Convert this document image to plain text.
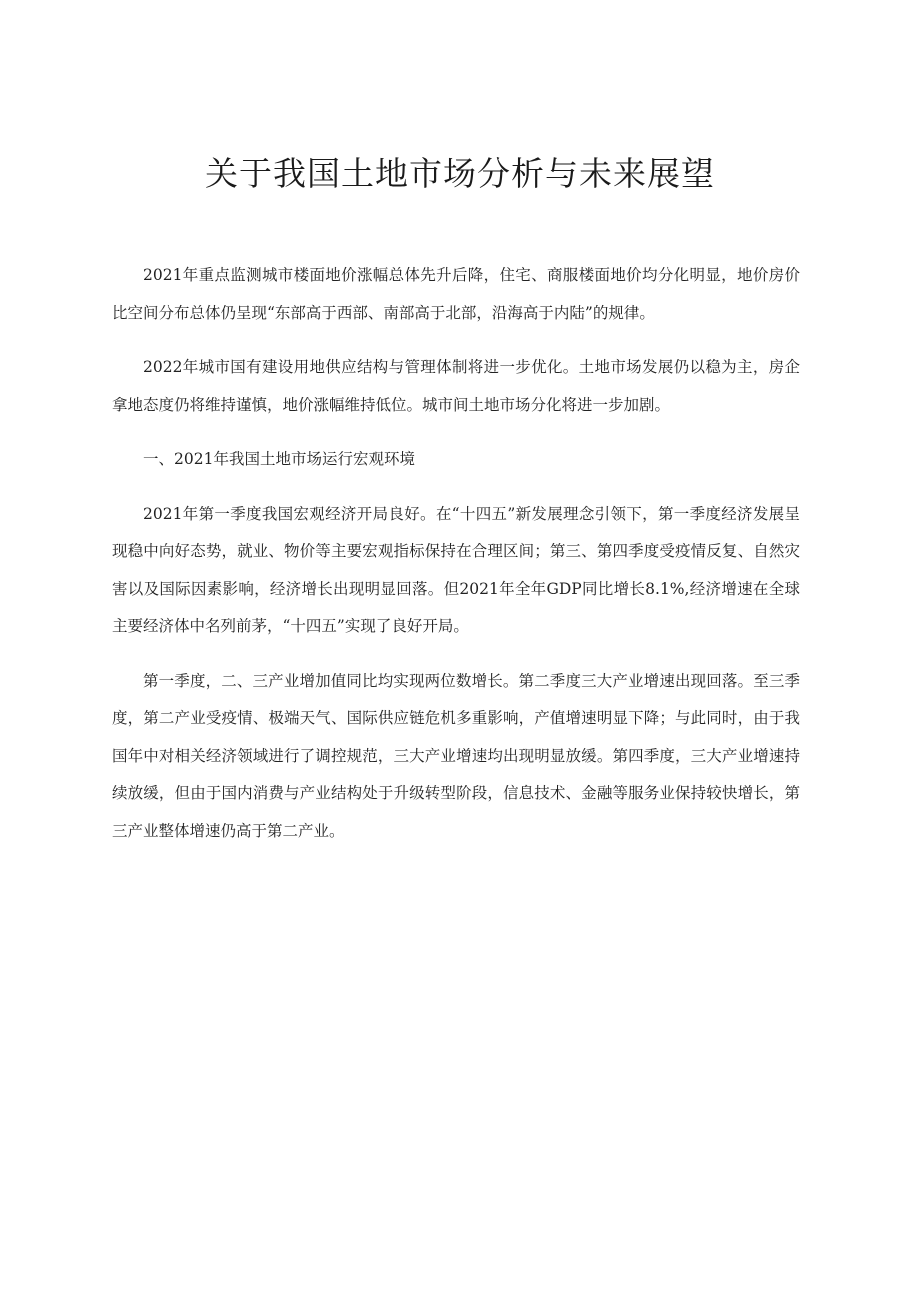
关于我国土地市场分析与未来展望

2021年重点监测城市楼面地价涨幅总体先升后降，住宅、商服楼面地价均分化明显，地价房价比空间分布总体仍呈现“东部高于西部、南部高于北部，沿海高于内陆”的规律。

2022年城市国有建设用地供应结构与管理体制将进一步优化。土地市场发展仍以稳为主，房企拿地态度仍将维持谨慎，地价涨幅维持低位。城市间土地市场分化将进一步加剧。

一、2021年我国土地市场运行宏观环境

2021年第一季度我国宏观经济开局良好。在“十四五”新发展理念引领下，第一季度经济发展呈现稳中向好态势，就业、物价等主要宏观指标保持在合理区间；第三、第四季度受疫情反复、自然灾害以及国际因素影响，经济增长出现明显回落。但2021年全年GDP同比增长8.1%,经济增速在全球主要经济体中名列前茅，“十四五”实现了良好开局。

第一季度，二、三产业增加值同比均实现两位数增长。第二季度三大产业增速出现回落。至三季度，第二产业受疫情、极端天气、国际供应链危机多重影响，产值增速明显下降；与此同时，由于我国年中对相关经济领域进行了调控规范，三大产业增速均出现明显放缓。第四季度，三大产业增速持续放缓，但由于国内消费与产业结构处于升级转型阶段，信息技术、金融等服务业保持较快增长，第三产业整体增速仍高于第二产业。
